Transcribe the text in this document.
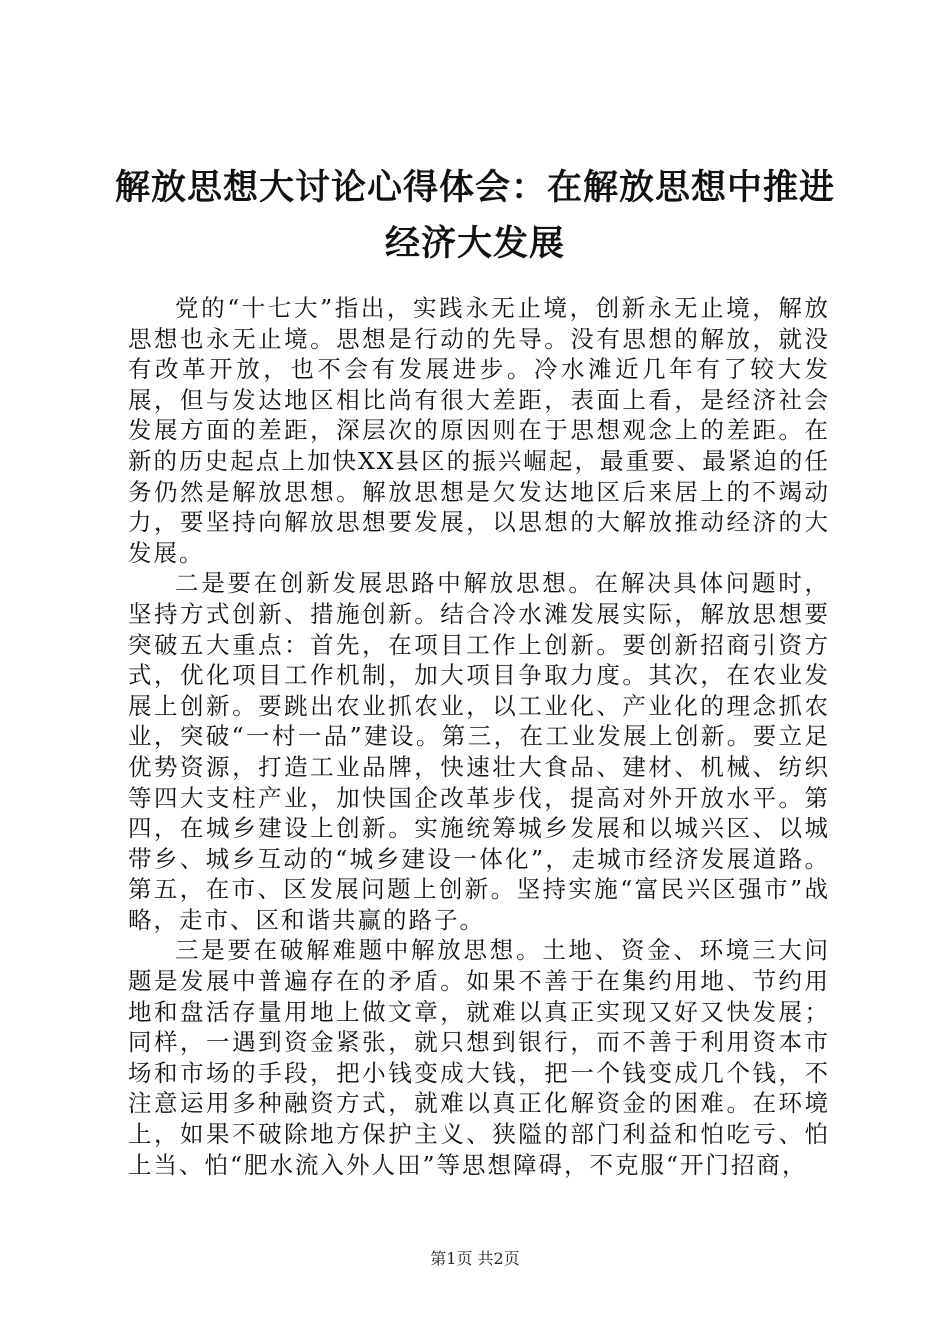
解放思想大讨论心得体会：在解放思想中推进经济大发展

党的“十七大”指出，实践永无止境，创新永无止境，解放思想也永无止境。思想是行动的先导。没有思想的解放，就没有改革开放，也不会有发展进步。冷水滩近几年有了较大发展，但与发达地区相比尚有很大差距，表面上看，是经济社会发展方面的差距，深层次的原因则在于思想观念上的差距。在新的历史起点上加快XX县区的振兴崛起，最重要、最紧迫的任务仍然是解放思想。解放思想是欠发达地区后来居上的不竭动力，要坚持向解放思想要发展，以思想的大解放推动经济的大发展。

二是要在创新发展思路中解放思想。在解决具体问题时，坚持方式创新、措施创新。结合冷水滩发展实际，解放思想要突破五大重点：首先，在项目工作上创新。要创新招商引资方式，优化项目工作机制，加大项目争取力度。其次，在农业发展上创新。要跳出农业抓农业，以工业化、产业化的理念抓农业，突破“一村一品”建设。第三，在工业发展上创新。要立足优势资源，打造工业品牌，快速壮大食品、建材、机械、纺织等四大支柱产业，加快国企改革步伐，提高对外开放水平。第四，在城乡建设上创新。实施统筹城乡发展和以城兴区、以城带乡、城乡互动的“城乡建设一体化”，走城市经济发展道路。第五，在市、区发展问题上创新。坚持实施“富民兴区强市”战略，走市、区和谐共赢的路子。

三是要在破解难题中解放思想。土地、资金、环境三大问题是发展中普遍存在的矛盾。如果不善于在集约用地、节约用地和盘活存量用地上做文章，就难以真正实现又好又快发展；同样，一遇到资金紧张，就只想到银行，而不善于利用资本市场和市场的手段，把小钱变成大钱，把一个钱变成几个钱，不注意运用多种融资方式，就难以真正化解资金的困难。在环境上，如果不破除地方保护主义、狭隘的部门利益和怕吃亏、怕上当、怕“肥水流入外人田”等思想障碍，不克服“开门招商，

第1页 共2页
